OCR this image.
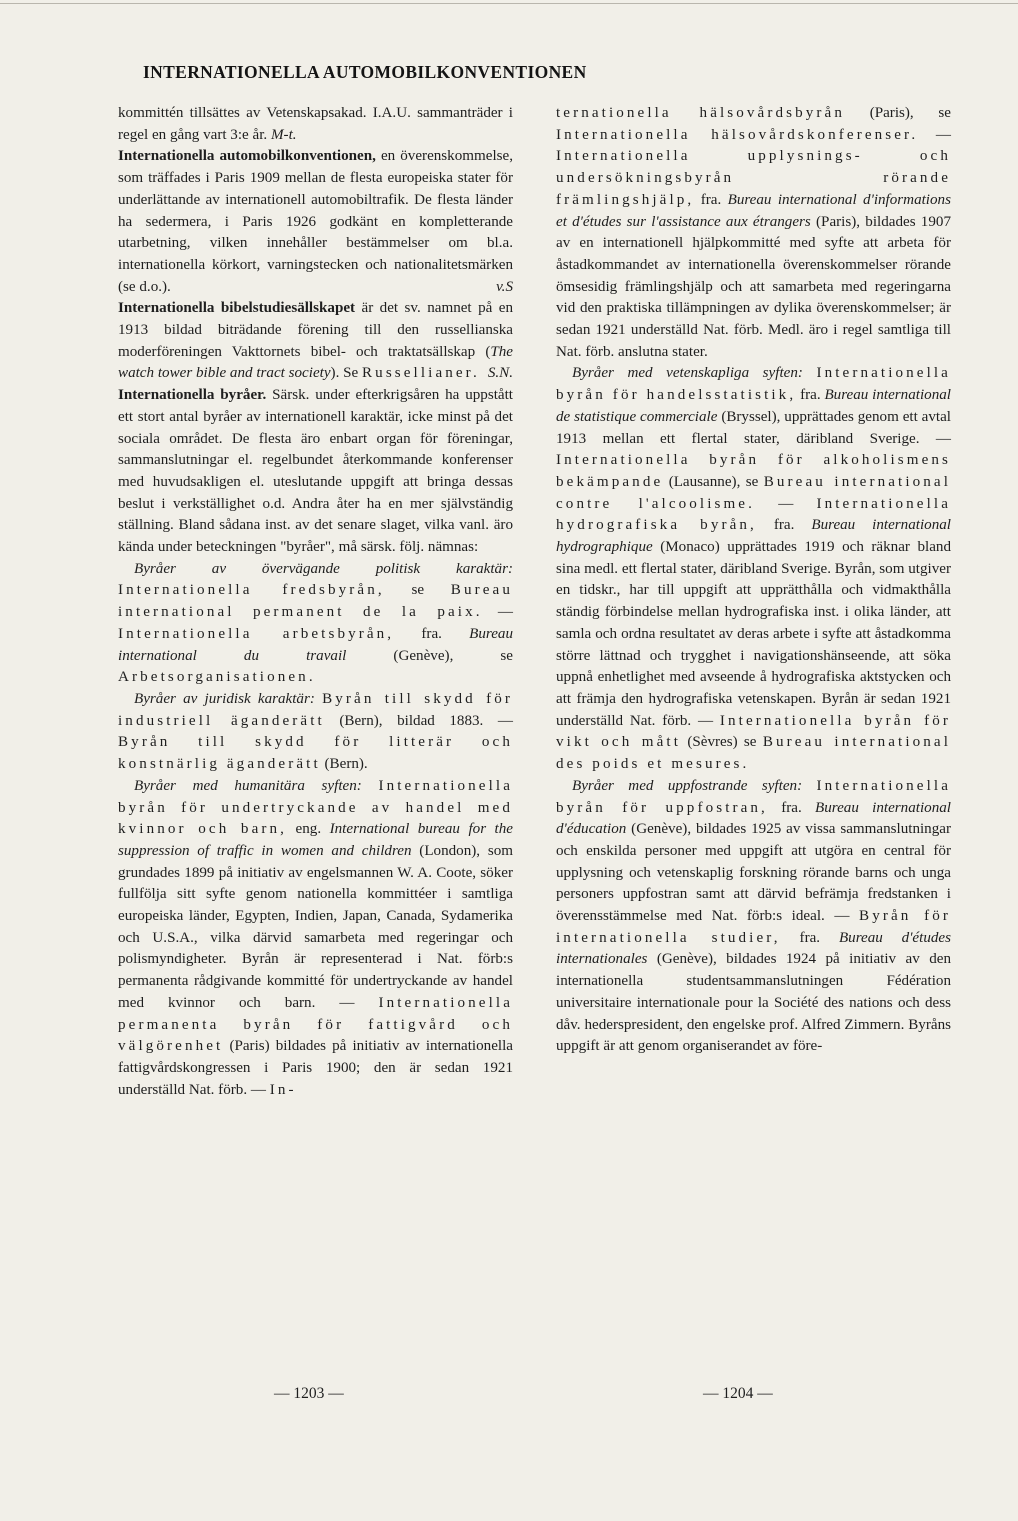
INTERNATIONELLA AUTOMOBILKONVENTIONEN

kommittén tillsättes av Vetenskapsakad. I.A.U. sammanträder i regel en gång vart 3:e år. M-t.

Internationella automobilkonventionen, en överenskommelse, som träffades i Paris 1909 mellan de flesta europeiska stater för underlättande av internationell automobiltrafik. De flesta länder ha sedermera, i Paris 1926 godkänt en kompletterande utarbetning, vilken innehåller bestämmelser om bl.a. internationella körkort, varningstecken och nationalitetsmärken (se d.o.).	v.S

Internationella bibelstudiesällskapet är det sv. namnet på en 1913 bildad biträdande förening till den russellianska moderföreningen Vakttornets bibel- och traktatsällskap (The watch tower bible and tract society). Se Russellianer. S.N.

Internationella byråer. Särsk. under efterkrigsåren ha uppstått ett stort antal byråer av internationell karaktär, icke minst på det sociala området. De flesta äro enbart organ för föreningar, sammanslutningar el. regelbundet återkommande konferenser med huvudsakligen el. uteslutande uppgift att bringa dessas beslut i verkställighet o.d. Andra åter ha en mer självständig ställning. Bland sådana inst. av det senare slaget, vilka vanl. äro kända under beteckningen "byråer", må särsk. följ. nämnas:

Byråer av övervägande politisk karaktär: Internationella fredsbyrån, se Bureau international permanent de la paix. — Internationella arbetsbyrån, fra. Bureau international du travail	(Genève), se Arbetsorganisationen.

Byråer av juridisk karaktär: Byrån till skydd för industriell äganderätt (Bern), bildad 1883. — Byrån till skydd för litterär och konstnärlig äganderätt (Bern).

Byråer med humanitära syften: Internationella byrån för undertryckande av handel med kvinnor och barn, eng. International bureau for the suppression of traffic in women and children (London), som grundades 1899 på initiativ av engelsmannen W. A. Coote, söker fullfölja sitt syfte genom nationella kommittéer i samtliga europeiska länder, Egypten, Indien, Japan, Canada, Sydamerika och U.S.A., vilka därvid samarbeta med regeringar och polismyndigheter. Byrån är representerad i Nat. förb:s permanenta rådgivande kommitté för undertryckande av handel med kvinnor och barn. — Internationella permanenta byrån för fattigvård och välgörenhet (Paris) bildades på initiativ av internationella fattigvårdskongressen i Paris 1900; den är sedan 1921 underställd Nat. förb. — In-

ternationella hälsovårdsbyrån (Paris), se Internationella hälsovårdskonferenser. — Internationella upplysnings- och undersökningsbyrån rörande främlingshjälp, fra. Bureau international d'informations et d'études sur l'assistance aux étrangers (Paris), bildades 1907 av en internationell hjälpkommitté med syfte att arbeta för åstadkommandet av internationella överenskommelser rörande ömsesidig främlingshjälp och att samarbeta med regeringarna vid den praktiska tillämpningen av dylika överenskommelser; är sedan 1921 underställd Nat. förb. Medl. äro i regel samtliga till Nat. förb. anslutna stater.

Byråer med vetenskapliga syften: Internationella byrån för handelsstatistik, fra. Bureau international de statistique commerciale (Bryssel), upprättades genom ett avtal 1913 mellan ett flertal stater, däribland Sverige. — Internationella byrån för alkoholismens bekämpande (Lausanne), se Bureau international contre l'alcoolisme. — Internationella hydrografiska byrån, fra. Bureau international hydrographique (Monaco) upprättades 1919 och räknar bland sina medl. ett flertal stater, däribland Sverige. Byrån, som utgiver en tidskr., har till uppgift att upprätthålla och vidmakthålla ständig förbindelse mellan hydrografiska inst. i olika länder, att samla och ordna resultatet av deras arbete i syfte att åstadkomma större lättnad och trygghet i navigationshänseende, att söka uppnå enhetlighet med avseende å hydrografiska aktstycken och att främja den hydrografiska vetenskapen. Byrån är sedan 1921 underställd Nat. förb. — Internationella byrån för vikt och mått (Sèvres) se Bureau international des poids et mesures.

Byråer med uppfostrande syften: Internationella byrån för uppfostran, fra. Bureau international d'éducation (Genève), bildades 1925 av vissa sammanslutningar och enskilda personer med uppgift att utgöra en central för upplysning och vetenskaplig forskning rörande barns och unga personers uppfostran samt att därvid befrämja fredstanken i överensstämmelse med Nat. förb:s ideal. — Byrån för internationella studier, fra. Bureau d'études internationales (Genève), bildades 1924 på initiativ av den internationella studentsammanslutningen Fédération universitaire internationale pour la Société des nations och dess dåv. hederspresident, den engelske prof. Alfred Zimmern. Byråns uppgift är att genom organiserandet av före-

— 1203 —	— 1204 —
